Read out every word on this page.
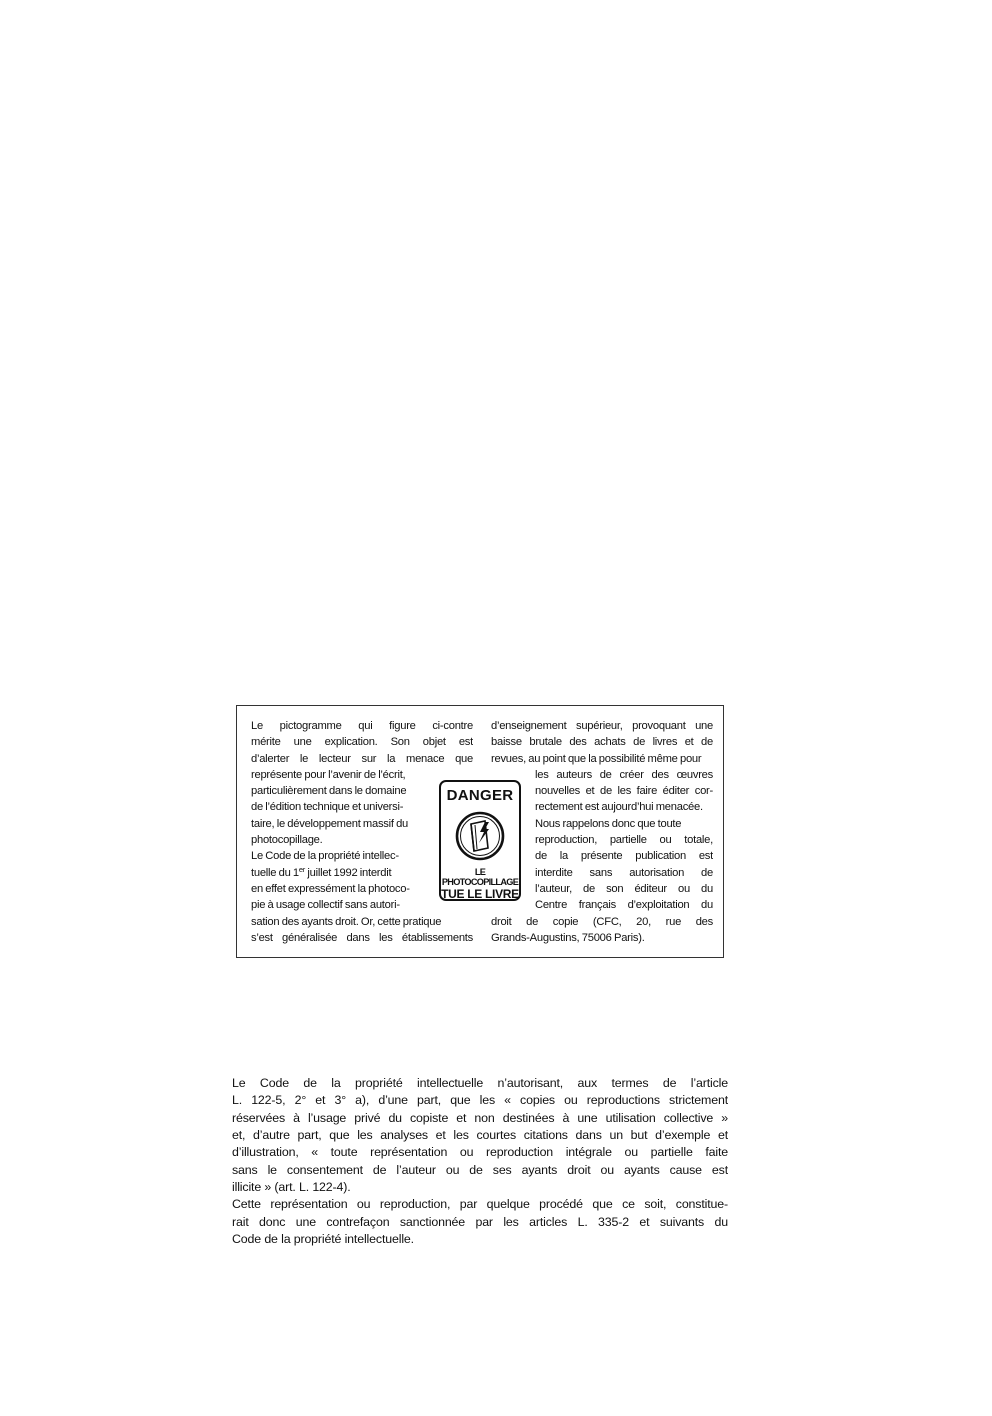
Le pictogramme qui figure ci-contre
mérite une explication. Son objet est
d’alerter le lecteur sur la menace que
représente pour l’avenir de l’écrit,
particulièrement dans le domaine
de l’édition technique et universi-
taire, le développement massif du
photocopillage.
Le Code de la propriété intellec-
tuelle du 1er juillet 1992 interdit
en effet expressément la photoco-
pie à usage collectif sans autori-
sation des ayants droit. Or, cette pratique
s’est généralisée dans les établissements
DANGER
LE PHOTOCOPILLAGE
TUE LE LIVRE
d’enseignement supérieur, provoquant une
baisse brutale des achats de livres et de
revues, au point que la possibilité même pour
les auteurs de créer des œuvres
nouvelles et de les faire éditer cor-
rectement est aujourd’hui menacée.
Nous rappelons donc que toute
reproduction, partielle ou totale,
de la présente publication est
interdite sans autorisation de
l’auteur, de son éditeur ou du
Centre français d’exploitation du
droit de copie (CFC, 20, rue des
Grands-Augustins, 75006 Paris).
Le Code de la propriété intellectuelle n’autorisant, aux termes de l’article
L. 122-5, 2° et 3° a), d’une part, que les « copies ou reproductions strictement
réservées à l’usage privé du copiste et non destinées à une utilisation collective »
et, d’autre part, que les analyses et les courtes citations dans un but d’exemple et
d’illustration, « toute représentation ou reproduction intégrale ou partielle faite
sans le consentement de l’auteur ou de ses ayants droit ou ayants cause est
illicite » (art. L. 122-4).
Cette représentation ou reproduction, par quelque procédé que ce soit, constitue-
rait donc une contrefaçon sanctionnée par les articles L. 335-2 et suivants du
Code de la propriété intellectuelle.
